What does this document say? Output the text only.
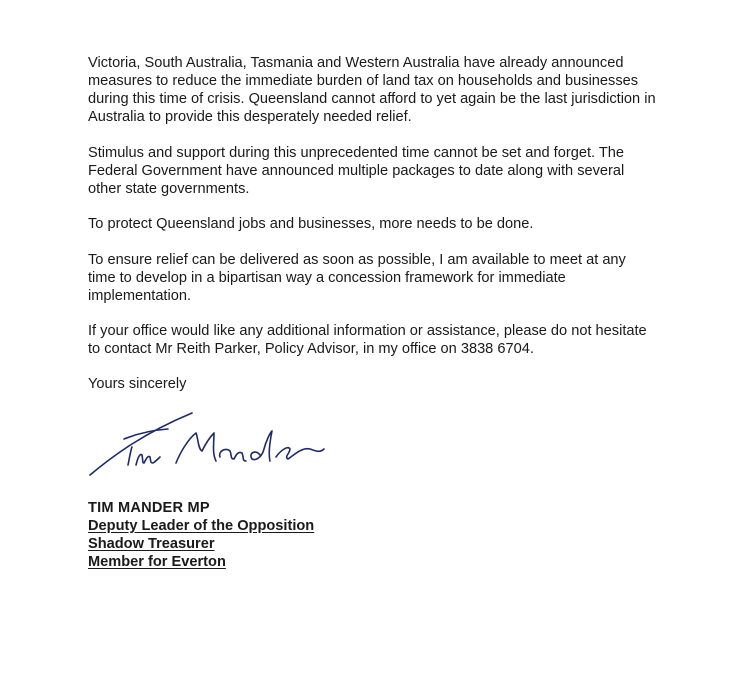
Victoria, South Australia, Tasmania and Western Australia have already announced
measures to reduce the immediate burden of land tax on households and businesses
during this time of crisis. Queensland cannot afford to yet again be the last jurisdiction in
Australia to provide this desperately needed relief.

Stimulus and support during this unprecedented time cannot be set and forget. The
Federal Government have announced multiple packages to date along with several
other state governments.

To protect Queensland jobs and businesses, more needs to be done.

To ensure relief can be delivered as soon as possible, I am available to meet at any
time to develop in a bipartisan way a concession framework for immediate
implementation.

If your office would like any additional information or assistance, please do not hesitate
to contact Mr Reith Parker, Policy Advisor, in my office on 3838 6704.

Yours sincerely

TIM MANDER MP
Deputy Leader of the Opposition
Shadow Treasurer
Member for Everton
